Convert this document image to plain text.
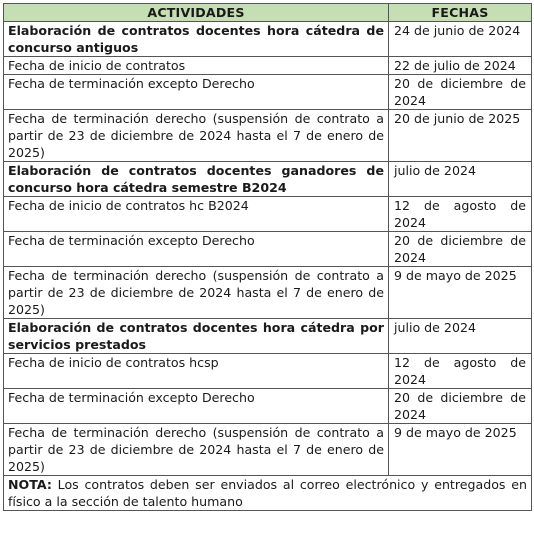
ACTIVIDADES	FECHAS
Elaboración de contratos docentes hora cátedra de concurso antiguos	24 de junio de 2024
Fecha de inicio de contratos	22 de julio de 2024
Fecha de terminación excepto Derecho	20 de diciembre de 2024
Fecha de terminación derecho (suspensión de contrato a partir de 23 de diciembre de 2024 hasta el 7 de enero de 2025)	20 de junio de 2025
Elaboración de contratos docentes ganadores de concurso hora cátedra semestre B2024	julio de 2024
Fecha de inicio de contratos hc B2024	12 de agosto de 2024
Fecha de terminación excepto Derecho	20 de diciembre de 2024
Fecha de terminación derecho (suspensión de contrato a partir de 23 de diciembre de 2024 hasta el 7 de enero de 2025)	9 de mayo de 2025
Elaboración de contratos docentes hora cátedra por servicios prestados	julio de 2024
Fecha de inicio de contratos hcsp	12 de agosto de 2024
Fecha de terminación excepto Derecho	20 de diciembre de 2024
Fecha de terminación derecho (suspensión de contrato a partir de 23 de diciembre de 2024 hasta el 7 de enero de 2025)	9 de mayo de 2025
NOTA: Los contratos deben ser enviados al correo electrónico y entregados en físico a la sección de talento humano	
